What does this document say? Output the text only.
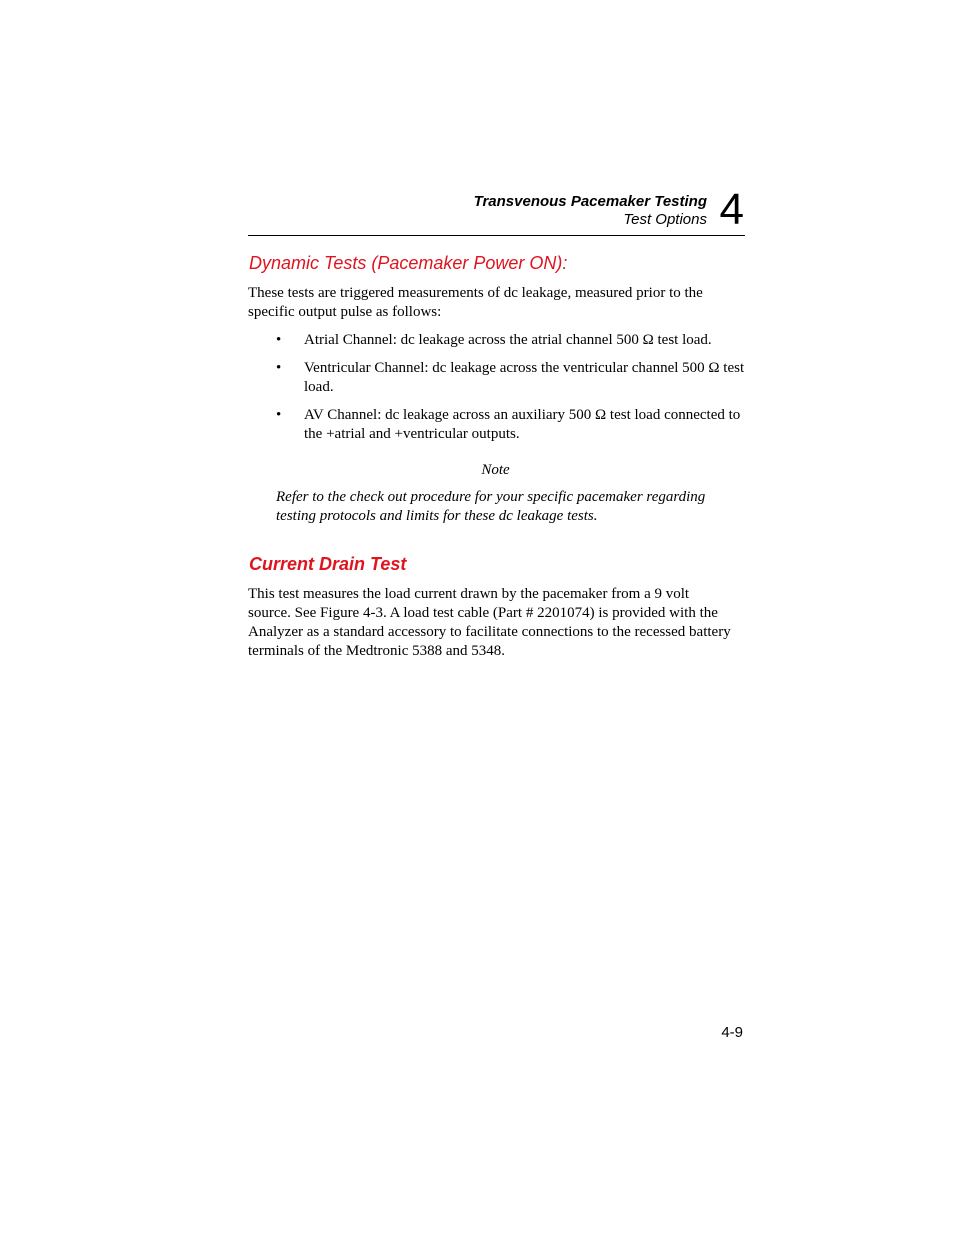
Transvenous Pacemaker Testing
Test Options 4
Dynamic Tests (Pacemaker Power ON):
These tests are triggered measurements of dc leakage, measured prior to the specific output pulse as follows:
• Atrial Channel: dc leakage across the atrial channel 500 Ω test load.
• Ventricular Channel: dc leakage across the ventricular channel 500 Ω test load.
• AV Channel: dc leakage across an auxiliary 500 Ω test load connected to the +atrial and +ventricular outputs.
Note
Refer to the check out procedure for your specific pacemaker regarding testing protocols and limits for these dc leakage tests.
Current Drain Test
This test measures the load current drawn by the pacemaker from a 9 volt source. See Figure 4-3. A load test cable (Part # 2201074) is provided with the Analyzer as a standard accessory to facilitate connections to the recessed battery terminals of the Medtronic 5388 and 5348.
4-9
